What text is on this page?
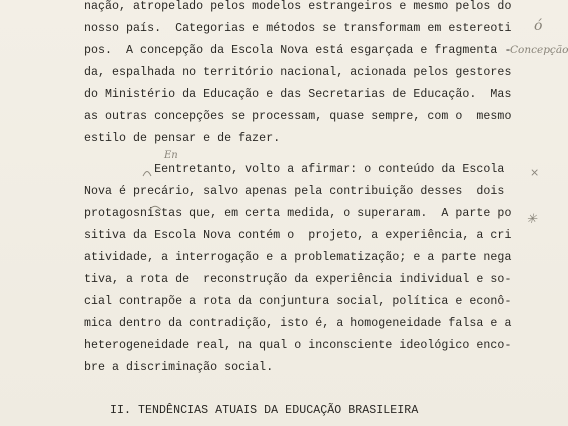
nação, atropelado pelos modelos estrangeiros e mesmo pelos do
nosso país.  Categorias e métodos se transformam em estereoti
pos.  A concepção da Escola Nova está esgarçada e fragmenta -
da, espalhada no território nacional, acionada pelos gestores
do Ministério da Educação e das Secretarias de Educação.  Mas
as outras concepções se processam, quase sempre, com o  mesmo
estilo de pensar e de fazer.
Eentretanto, volto a afirmar: o conteúdo da Escola
Nova é precário, salvo apenas pela contribuição desses  dois
protagosnistas que, em certa medida, o superaram.  A parte po
sitiva da Escola Nova contém o  projeto, a experiência, a cri
atividade, a interrogação e a problematização; e a parte nega
tiva, a rota de  reconstrução da experiência individual e so-
cial contrapõe a rota da conjuntura social, política e econô-
mica dentro da contradição, isto é, a homogeneidade falsa e a
heterogeneidade real, na qual o inconsciente ideológico enco-
bre a discriminação social.
II. TENDÊNCIAS ATUAIS DA EDUCAÇÃO BRASILEIRA
ó
Concepção
En
×
✳
